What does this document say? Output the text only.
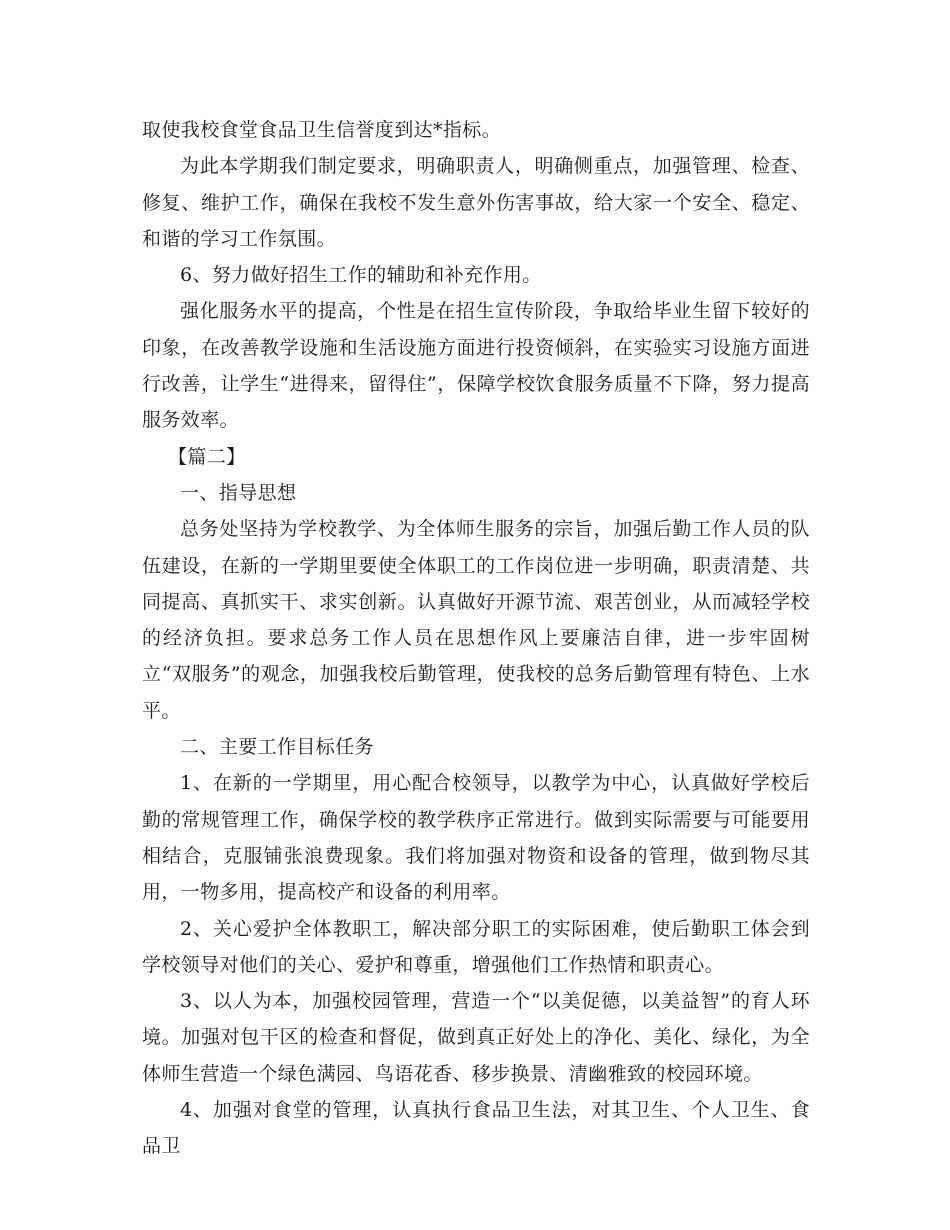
取使我校食堂食品卫生信誉度到达*指标。

为此本学期我们制定要求，明确职责人，明确侧重点，加强管理、检查、修复、维护工作，确保在我校不发生意外伤害事故，给大家一个安全、稳定、和谐的学习工作氛围。

6、努力做好招生工作的辅助和补充作用。

强化服务水平的提高，个性是在招生宣传阶段，争取给毕业生留下较好的印象，在改善教学设施和生活设施方面进行投资倾斜，在实验实习设施方面进行改善，让学生“进得来，留得住”，保障学校饮食服务质量不下降，努力提高服务效率。

【篇二】

一、指导思想

总务处坚持为学校教学、为全体师生服务的宗旨，加强后勤工作人员的队伍建设，在新的一学期里要使全体职工的工作岗位进一步明确，职责清楚、共同提高、真抓实干、求实创新。认真做好开源节流、艰苦创业，从而减轻学校的经济负担。要求总务工作人员在思想作风上要廉洁自律，进一步牢固树立“双服务”的观念，加强我校后勤管理，使我校的总务后勤管理有特色、上水平。

二、主要工作目标任务

1、在新的一学期里，用心配合校领导，以教学为中心，认真做好学校后勤的常规管理工作，确保学校的教学秩序正常进行。做到实际需要与可能要用相结合，克服铺张浪费现象。我们将加强对物资和设备的管理，做到物尽其用，一物多用，提高校产和设备的利用率。

2、关心爱护全体教职工，解决部分职工的实际困难，使后勤职工体会到学校领导对他们的关心、爱护和尊重，增强他们工作热情和职责心。

3、以人为本，加强校园管理，营造一个“以美促德，以美益智”的育人环境。加强对包干区的检查和督促，做到真正好处上的净化、美化、绿化，为全体师生营造一个绿色满园、鸟语花香、移步换景、清幽雅致的校园环境。

4、加强对食堂的管理，认真执行食品卫生法，对其卫生、个人卫生、食品卫
